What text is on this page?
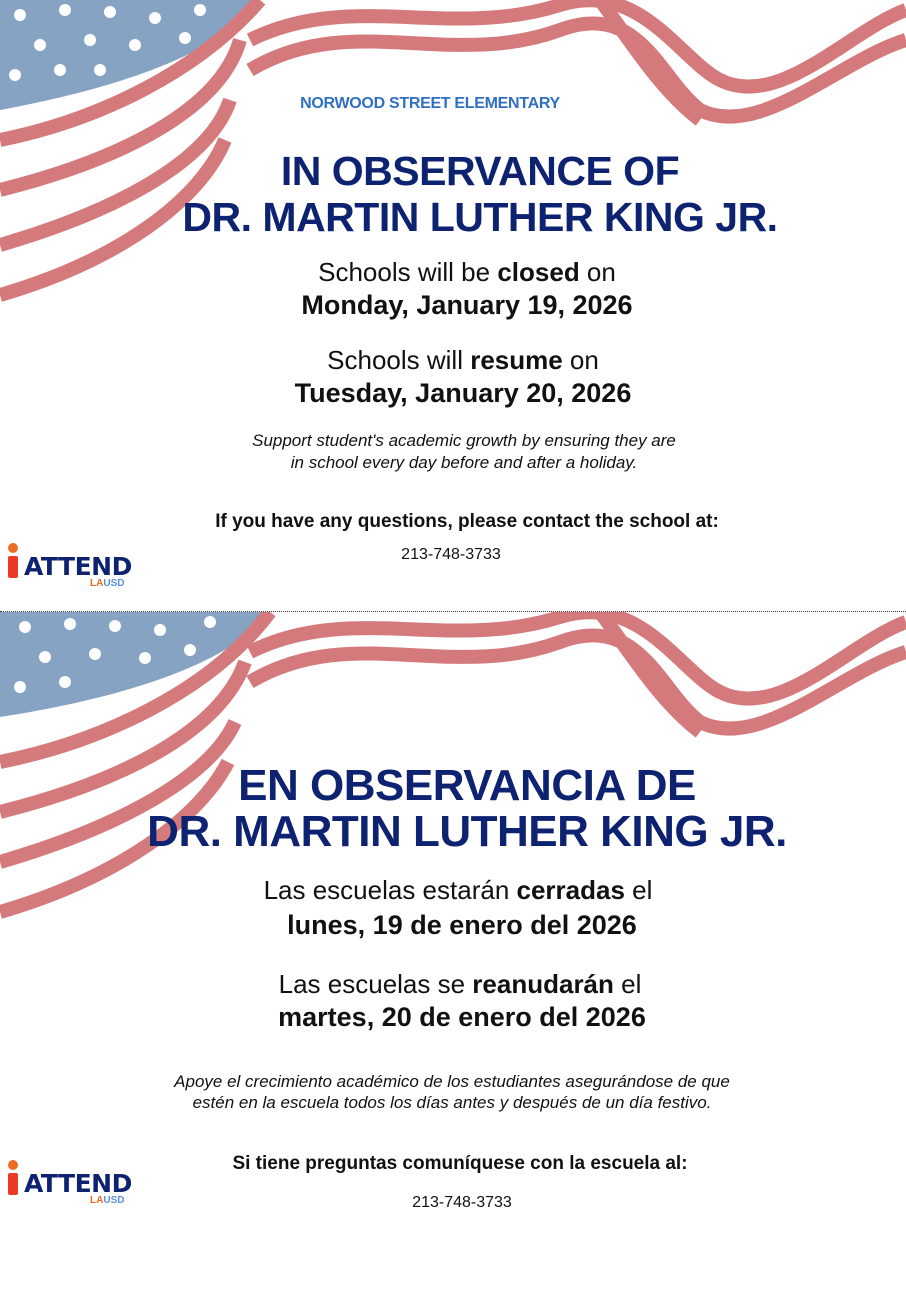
NORWOOD STREET ELEMENTARY
IN OBSERVANCE OF
DR. MARTIN LUTHER KING JR.
Schools will be closed on
Monday, January 19, 2026
Schools will resume on
Tuesday, January 20, 2026
Support student's academic growth by ensuring they are
in school every day before and after a holiday.
If you have any questions, please contact the school at:
213-748-3733
ATTEND
LAUSD
EN OBSERVANCIA DE
DR. MARTIN LUTHER KING JR.
Las escuelas estarán cerradas el
lunes, 19 de enero del 2026
Las escuelas se reanudarán el
martes, 20 de enero del 2026
Apoye el crecimiento académico de los estudiantes asegurándose de que
estén en la escuela todos los días antes y después de un día festivo.
Si tiene preguntas comuníquese con la escuela al:
213-748-3733
ATTEND
LAUSD
